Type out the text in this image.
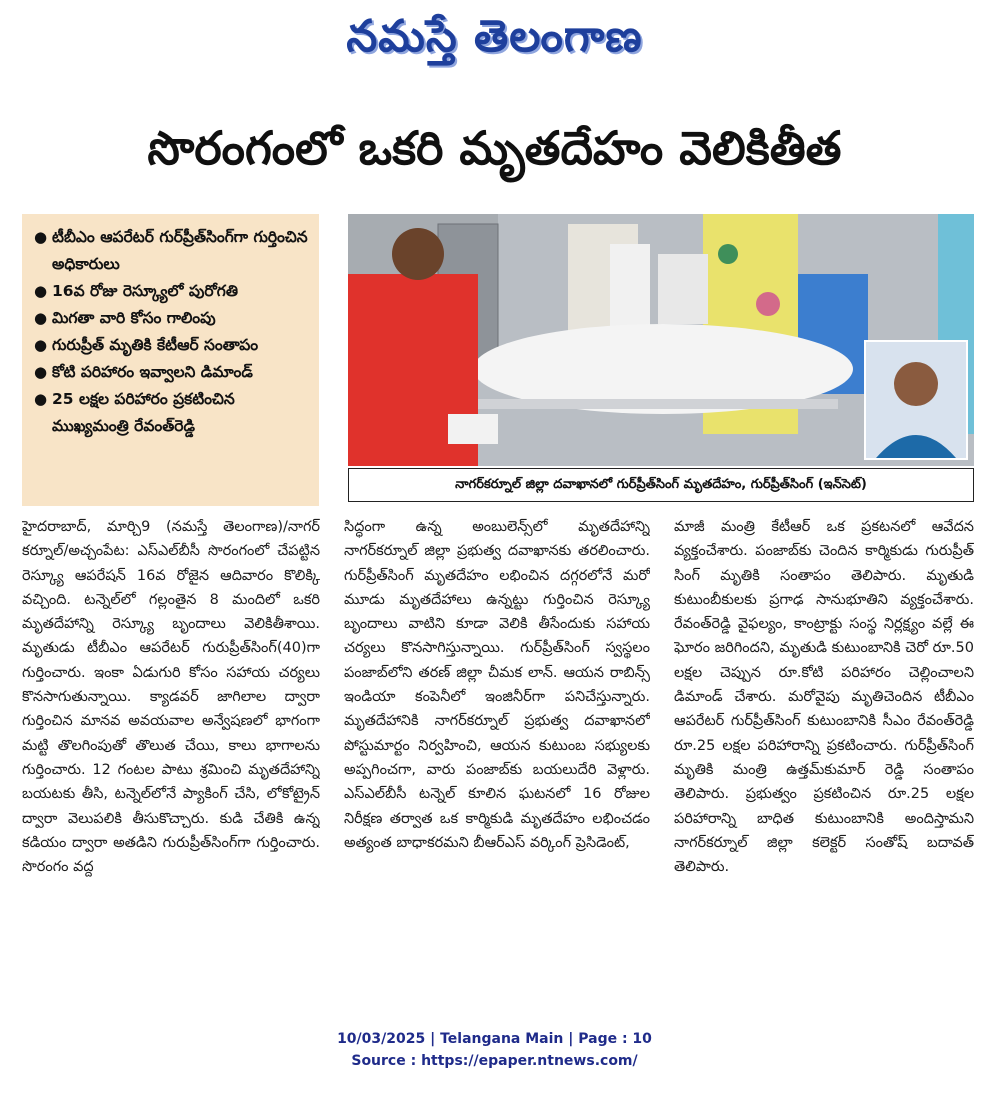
నమస్తే తెలంగాణ
సొరంగంలో ఒకరి మృతదేహం వెలికితీత
● టీబీఎం ఆపరేటర్ గుర్‌ప్రీత్‌సింగ్‌గా గుర్తించిన అధికారులు
● 16వ రోజు రెస్క్యూలో పురోగతి
● మిగతా వారి కోసం గాలింపు
● గురుప్రీత్ మృతికి కేటీఆర్ సంతాపం
● కోటి పరిహారం ఇవ్వాలని డిమాండ్
● 25 లక్షల పరిహారం ప్రకటించిన ముఖ్యమంత్రి రేవంత్‌రెడ్డి
నాగర్‌కర్నూల్ జిల్లా దవాఖానలో గుర్‌ప్రీత్‌సింగ్ మృతదేహం, గుర్‌ప్రీత్‌సింగ్ (ఇన్‌సెట్)

హైదరాబాద్, మార్చి9 (నమస్తే తెలంగాణ)/నాగర్ కర్నూల్/అచ్చంపేట: ఎస్‌ఎల్‌బీసీ సొరంగంలో చేపట్టిన రెస్క్యూ ఆపరేషన్ 16వ రోజైన ఆదివారం కొలిక్కి వచ్చింది. టన్నెల్‌లో గల్లంతైన 8 మందిలో ఒకరి మృతదేహాన్ని రెస్క్యూ బృందాలు వెలికితీశాయి. మృతుడు టీబీఎం ఆపరేటర్ గురుప్రీత్‌సింగ్(40)గా గుర్తించారు. ఇంకా ఏడుగురి కోసం సహాయ చర్యలు కొనసాగుతున్నాయి. క్యాడవర్ జాగిలాల ద్వారా గుర్తించిన మానవ అవయవాల అన్వేషణలో భాగంగా మట్టి తొలగింపుతో తొలుత చేయి, కాలు భాగాలను గుర్తించారు. 12 గంటల పాటు శ్రమించి మృతదేహాన్ని బయటకు తీసి, టన్నెల్‌లోనే ప్యాకింగ్ చేసి, లోకోట్రైన్ ద్వారా వెలుపలికి తీసుకొచ్చారు. కుడి చేతికి ఉన్న కడియం ద్వారా అతడిని గురుప్రీత్‌సింగ్‌గా గుర్తించారు. సొరంగం వద్ద

సిద్ధంగా ఉన్న అంబులెన్స్‌లో మృతదేహాన్ని నాగర్‌కర్నూల్ జిల్లా ప్రభుత్వ దవాఖానకు తరలించారు. గుర్‌ప్రీత్‌సింగ్ మృతదేహం లభించిన దగ్గరలోనే మరో మూడు మృతదేహాలు ఉన్నట్టు గుర్తించిన రెస్క్యూ బృందాలు వాటిని కూడా వెలికి తీసేందుకు సహాయ చర్యలు కొనసాగిస్తున్నాయి. గుర్‌ప్రీత్‌సింగ్ స్వస్థలం పంజాబ్‌లోని తరణ్ జిల్లా చీమక లాన్. ఆయన రాబిన్స్ ఇండియా కంపెనీలో ఇంజినీర్‌గా పనిచేస్తున్నారు. మృతదేహానికి నాగర్‌కర్నూల్ ప్రభుత్వ దవాఖానలో పోస్టుమార్టం నిర్వహించి, ఆయన కుటుంబ సభ్యులకు అప్పగించగా, వారు పంజాబ్‌కు బయలుదేరి వెళ్లారు. ఎస్‌ఎల్‌బీసీ టన్నెల్ కూలిన ఘటనలో 16 రోజుల నిరీక్షణ తర్వాత ఒక కార్మికుడి మృతదేహం లభించడం అత్యంత బాధాకరమని బీఆర్‌ఎస్ వర్కింగ్ ప్రెసిడెంట్,

మాజీ మంత్రి కేటీఆర్ ఒక ప్రకటనలో ఆవేదన వ్యక్తంచేశారు. పంజాబ్‌కు చెందిన కార్మికుడు గురుప్రీత్ సింగ్ మృతికి సంతాపం తెలిపారు. మృతుడి కుటుంబీకులకు ప్రగాఢ సానుభూతిని వ్యక్తంచేశారు. రేవంత్‌రెడ్డి వైఫల్యం, కాంట్రాక్టు సంస్థ నిర్లక్ష్యం వల్లే ఈ ఘోరం జరిగిందని, మృతుడి కుటుంబానికి చెరో రూ.50 లక్షల చెప్పున రూ.కోటి పరిహారం చెల్లించాలని డిమాండ్ చేశారు. మరోవైపు మృతిచెందిన టీబీఎం ఆపరేటర్ గుర్‌ప్రీత్‌సింగ్ కుటుంబానికి సీఎం రేవంత్‌రెడ్డి రూ.25 లక్షల పరిహారాన్ని ప్రకటించారు. గుర్‌ప్రీత్‌సింగ్ మృతికి మంత్రి ఉత్తమ్‌కుమార్ రెడ్డి సంతాపం తెలిపారు. ప్రభుత్వం ప్రకటించిన రూ.25 లక్షల పరిహారాన్ని బాధిత కుటుంబానికి అందిస్తామని నాగర్‌కర్నూల్ జిల్లా కలెక్టర్ సంతోష్ బదావత్ తెలిపారు.

10/03/2025 | Telangana Main | Page : 10
Source : https://epaper.ntnews.com/
